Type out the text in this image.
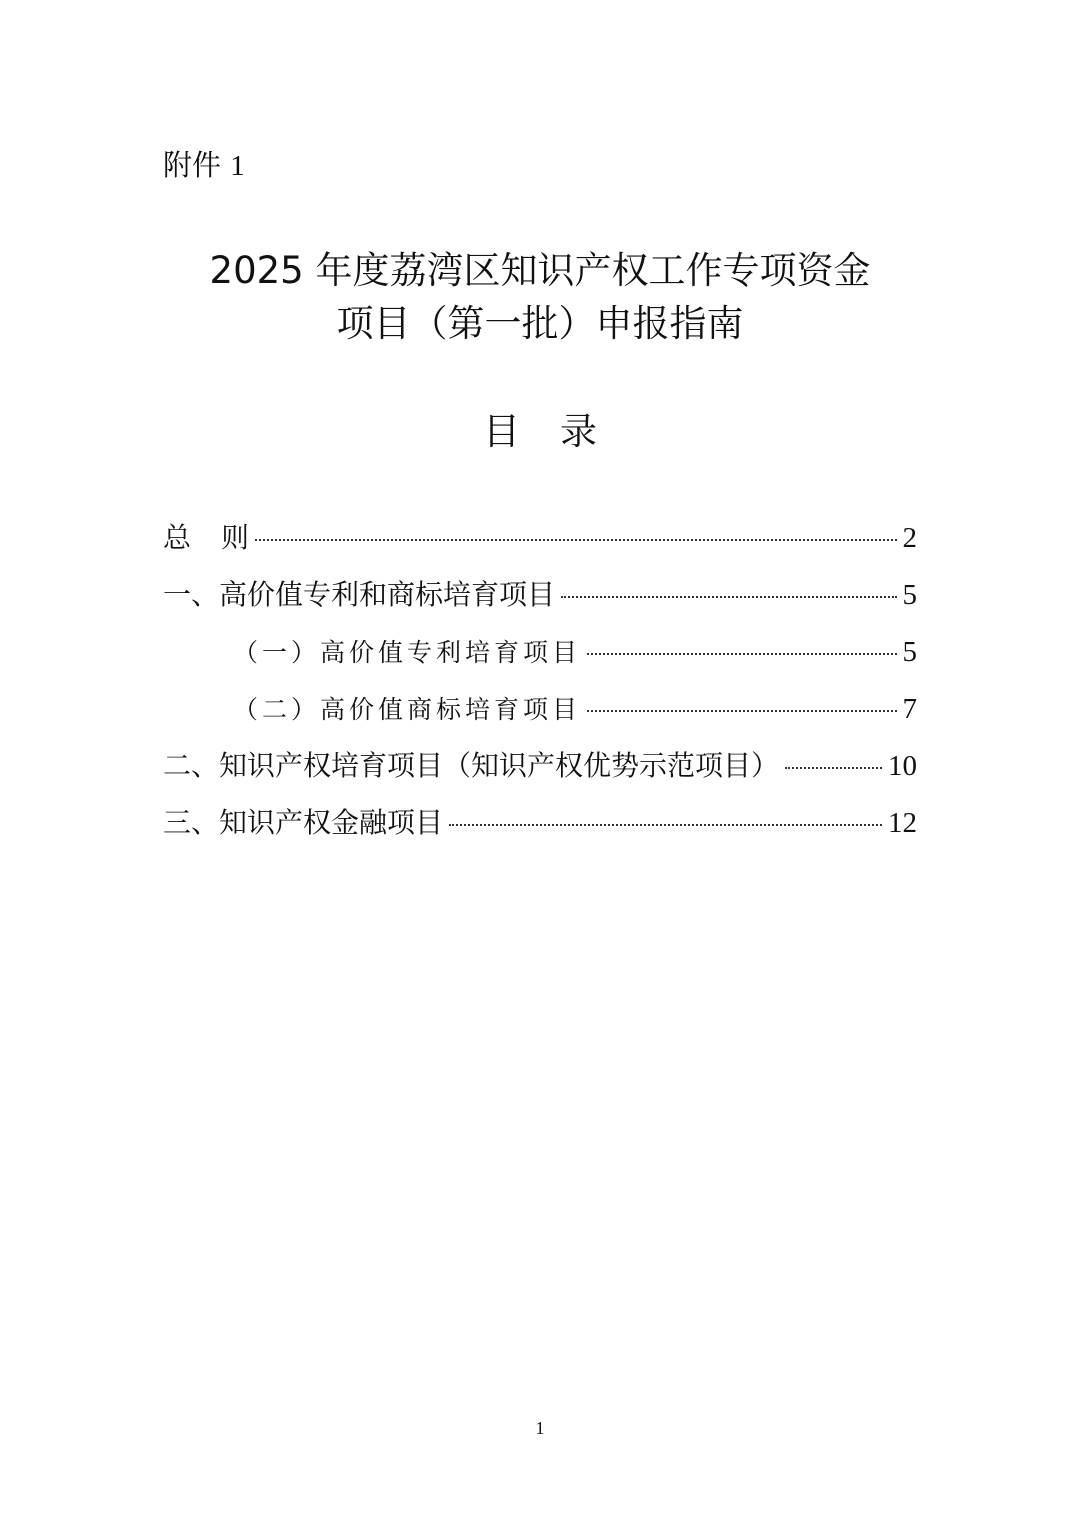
附件 1
2025 年度荔湾区知识产权工作专项资金
项目（第一批）申报指南
目录
总则	2
一、高价值专利和商标培育项目	5
（一）高价值专利培育项目	5
（二）高价值商标培育项目	7
二、知识产权培育项目（知识产权优势示范项目）	10
三、知识产权金融项目	12
1
